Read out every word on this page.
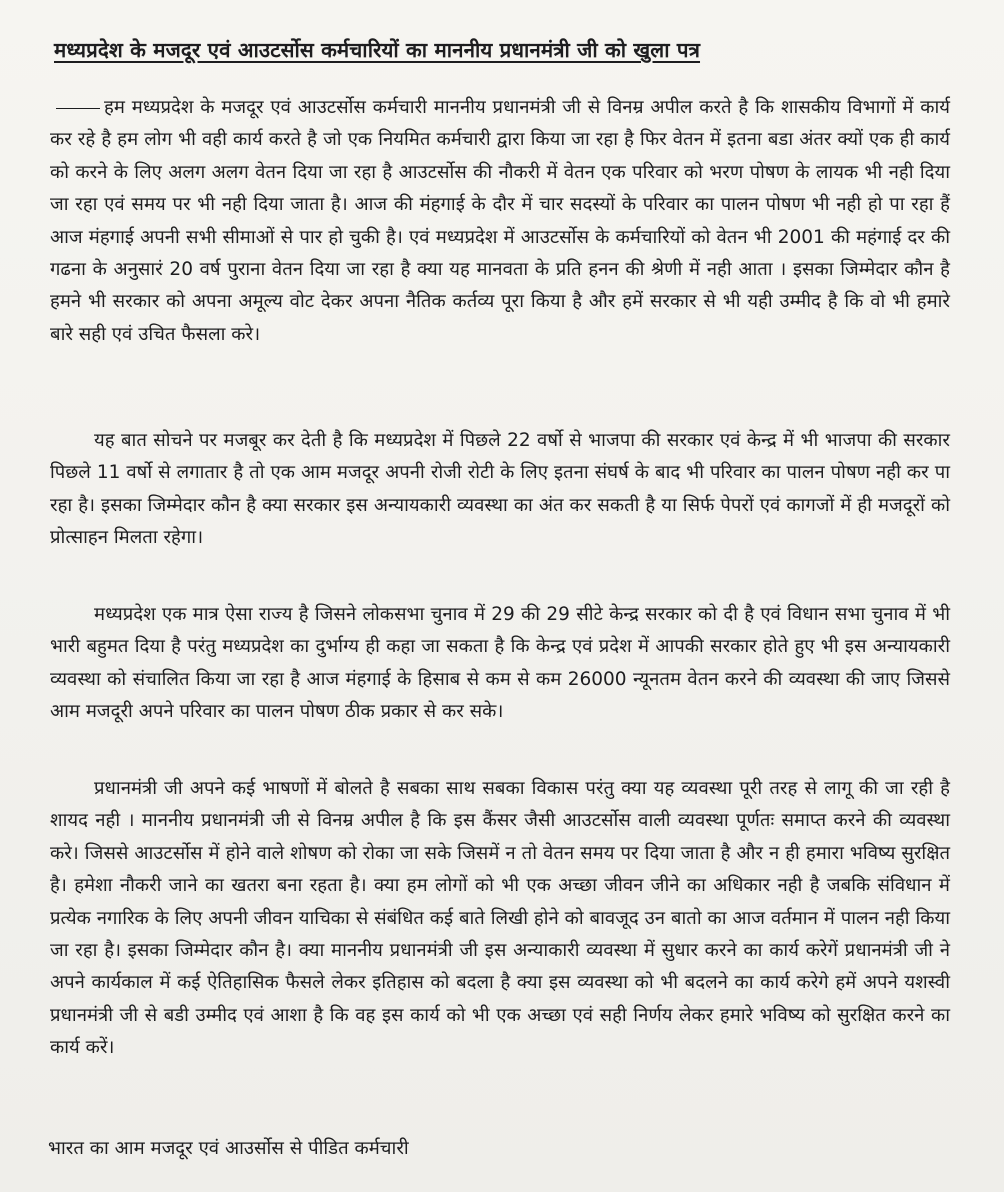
मध्यप्रदेश के मजदूर एवं आउटर्सोस कर्मचारियों का माननीय प्रधानमंत्री जी को खुला पत्र
हम मध्यप्रदेश के मजदूर एवं आउटर्सोस कर्मचारी माननीय प्रधानमंत्री जी से विनम्र अपील करते है कि शासकीय विभागों में कार्य कर रहे है हम लोग भी वही कार्य करते है जो एक नियमित कर्मचारी द्वारा किया जा रहा है फिर वेतन में इतना बडा अंतर क्यों एक ही कार्य को करने के लिए अलग अलग वेतन दिया जा रहा है आउटर्सोस की नौकरी में वेतन एक परिवार को भरण पोषण के लायक भी नही दिया जा रहा एवं समय पर भी नही दिया जाता है। आज की मंहगाई के दौर में चार सदस्यों के परिवार का पालन पोषण भी नही हो पा रहा हैं आज मंहगाई अपनी सभी सीमाओं से पार हो चुकी है। एवं मध्यप्रदेश में आउटर्सोस के कर्मचारियों को वेतन भी 2001 की महंगाई दर की गढना के अनुसारं 20 वर्ष पुराना वेतन दिया जा रहा है क्या यह मानवता के प्रति हनन की श्रेणी में नही आता । इसका जिम्मेदार कौन है हमने भी सरकार को अपना अमूल्य वोट देकर अपना नैतिक कर्तव्य पूरा किया है और हमें सरकार से भी यही उम्मीद है कि वो भी हमारे बारे सही एवं उचित फैसला करे।
यह बात सोचने पर मजबूर कर देती है कि मध्यप्रदेश में पिछले 22 वर्षो से भाजपा की सरकार एवं केन्द्र में भी भाजपा की सरकार पिछले 11 वर्षो से लगातार है तो एक आम मजदूर अपनी रोजी रोटी के लिए इतना संघर्ष के बाद भी परिवार का पालन पोषण नही कर पा रहा है। इसका जिम्मेदार कौन है क्या सरकार इस अन्यायकारी व्यवस्था का अंत कर सकती है या सिर्फ पेपरों एवं कागजों में ही मजदूरों को प्रोत्साहन मिलता रहेगा।
मध्यप्रदेश एक मात्र ऐसा राज्य है जिसने लोकसभा चुनाव में 29 की 29 सीटे केन्द्र सरकार को दी है एवं विधान सभा चुनाव में भी भारी बहुमत दिया है परंतु मध्यप्रदेश का दुर्भाग्य ही कहा जा सकता है कि केन्द्र एवं प्रदेश में आपकी सरकार होते हुए भी इस अन्यायकारी व्यवस्था को संचालित किया जा रहा है आज मंहगाई के हिसाब से कम से कम 26000 न्यूनतम वेतन करने की व्यवस्था की जाए जिससे आम मजदूरी अपने परिवार का पालन पोषण ठीक प्रकार से कर सके।
प्रधानमंत्री जी अपने कई भाषणों में बोलते है सबका साथ सबका विकास परंतु क्या यह व्यवस्था पूरी तरह से लागू की जा रही है शायद नही । माननीय प्रधानमंत्री जी से विनम्र अपील है कि इस कैंसर जैसी आउटर्सोस वाली व्यवस्था पूर्णतः समाप्त करने की व्यवस्था करे। जिससे आउटर्सोस में होने वाले शोषण को रोका जा सके जिसमें न तो वेतन समय पर दिया जाता है और न ही हमारा भविष्य सुरक्षित है। हमेशा नौकरी जाने का खतरा बना रहता है। क्या हम लोगों को भी एक अच्छा जीवन जीने का अधिकार नही है जबकि संविधान में प्रत्येक नगारिक के लिए अपनी जीवन याचिका से संबंधित कई बाते लिखी होने को बावजूद उन बातो का आज वर्तमान में पालन नही किया जा रहा है। इसका जिम्मेदार कौन है। क्या माननीय प्रधानमंत्री जी इस अन्याकारी व्यवस्था में सुधार करने का कार्य करेगें प्रधानमंत्री जी ने अपने कार्यकाल में कई ऐतिहासिक फैसले लेकर इतिहास को बदला है क्या इस व्यवस्था को भी बदलने का कार्य करेगे हमें अपने यशस्वी प्रधानमंत्री जी से बडी उम्मीद एवं आशा है कि वह इस कार्य को भी एक अच्छा एवं सही निर्णय लेकर हमारे भविष्य को सुरक्षित करने का कार्य करें।
भारत का आम मजदूर एवं आउर्सोस से पीडित कर्मचारी
